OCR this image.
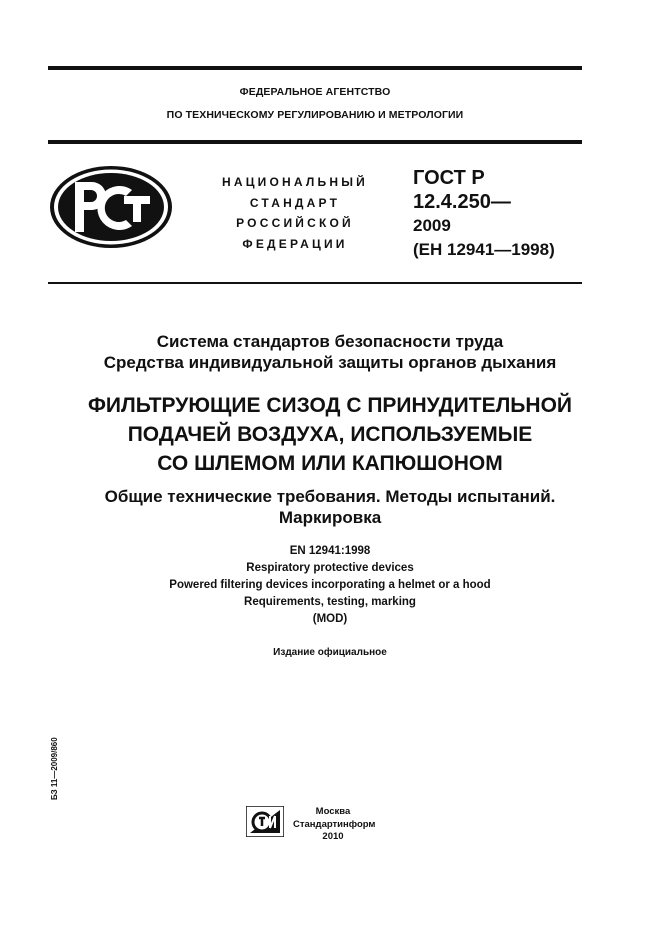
ФЕДЕРАЛЬНОЕ АГЕНТСТВО
ПО ТЕХНИЧЕСКОМУ РЕГУЛИРОВАНИЮ И МЕТРОЛОГИИ
НАЦИОНАЛЬНЫЙ
СТАНДАРТ
РОССИЙСКОЙ
ФЕДЕРАЦИИ
ГОСТ Р
12.4.250—
2009
(ЕН 12941—1998)
Система стандартов безопасности труда
Средства индивидуальной защиты органов дыхания
ФИЛЬТРУЮЩИЕ СИЗОД С ПРИНУДИТЕЛЬНОЙ
ПОДАЧЕЙ ВОЗДУХА, ИСПОЛЬЗУЕМЫЕ
СО ШЛЕМОМ ИЛИ КАПЮШОНОМ
Общие технические требования. Методы испытаний.
Маркировка
EN 12941:1998
Respiratory protective devices
Powered filtering devices incorporating a helmet or a hood
Requirements, testing, marking
(MOD)
Издание официальное
БЗ 11—2009/860
Москва
Стандартинформ
2010
